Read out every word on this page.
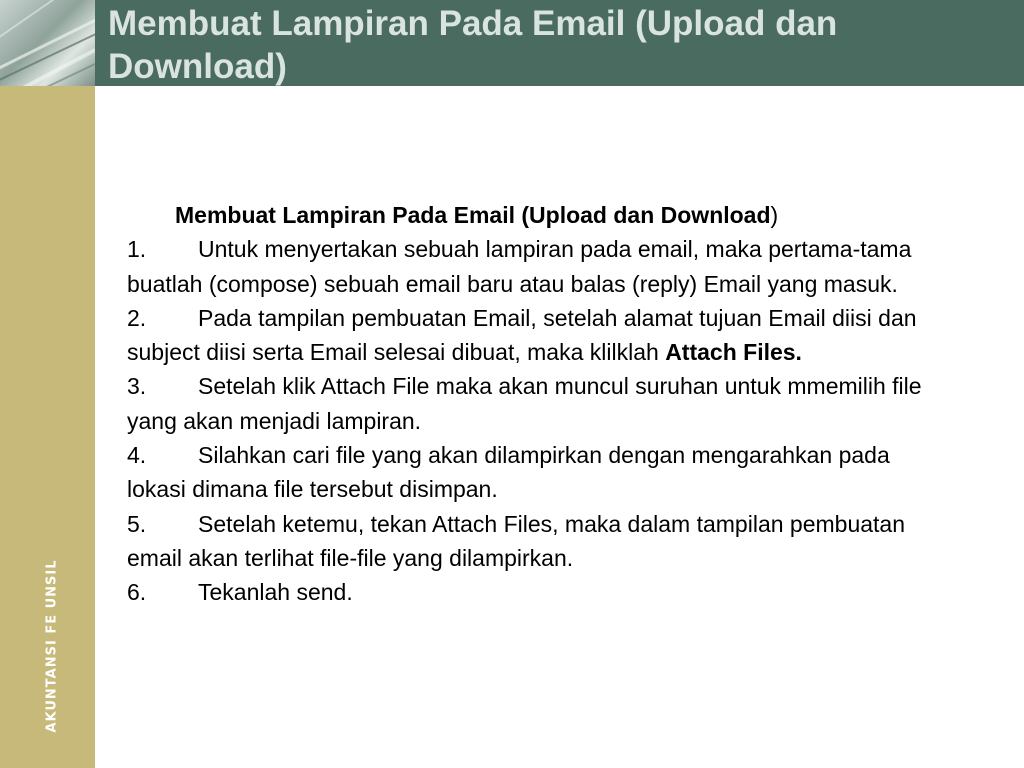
Membuat Lampiran Pada Email (Upload dan Download)
AKUNTANSI FE UNSIL

Membuat Lampiran Pada Email (Upload dan Download)

1. Untuk menyertakan sebuah lampiran pada email, maka pertama-tama buatlah (compose) sebuah email baru atau balas (reply) Email yang masuk.
2. Pada tampilan pembuatan Email, setelah alamat tujuan Email diisi dan subject diisi serta Email selesai dibuat, maka klilklah Attach Files.
3. Setelah klik Attach File maka akan muncul suruhan untuk mmemilih file yang akan menjadi lampiran.
4. Silahkan cari file yang akan dilampirkan dengan mengarahkan pada lokasi dimana file tersebut disimpan.
5. Setelah ketemu, tekan Attach Files, maka dalam tampilan pembuatan email akan terlihat file-file yang dilampirkan.
6. Tekanlah send.
